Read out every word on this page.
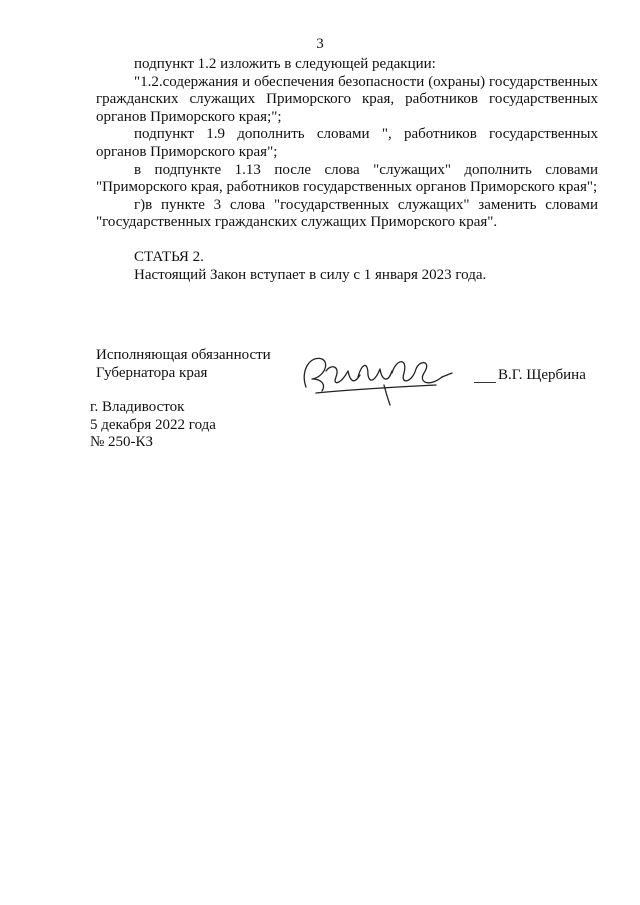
3

подпункт 1.2 изложить в следующей редакции:

"1.2.содержания и обеспечения безопасности (охраны) государственных гражданских служащих Приморского края, работников государственных органов Приморского края;";

подпункт 1.9 дополнить словами ", работников государственных органов Приморского края";

в подпункте 1.13 после слова "служащих" дополнить словами "Приморского края, работников государственных органов Приморского края";

г)в пункте 3 слова "государственных служащих" заменить словами "государственных гражданских служащих Приморского края".

СТАТЬЯ 2.

Настоящий Закон вступает в силу с 1 января 2023 года.

Исполняющая обязанности
Губернатора края	В.Г. Щербина
г. Владивосток
5 декабря 2022 года
№ 250-КЗ
